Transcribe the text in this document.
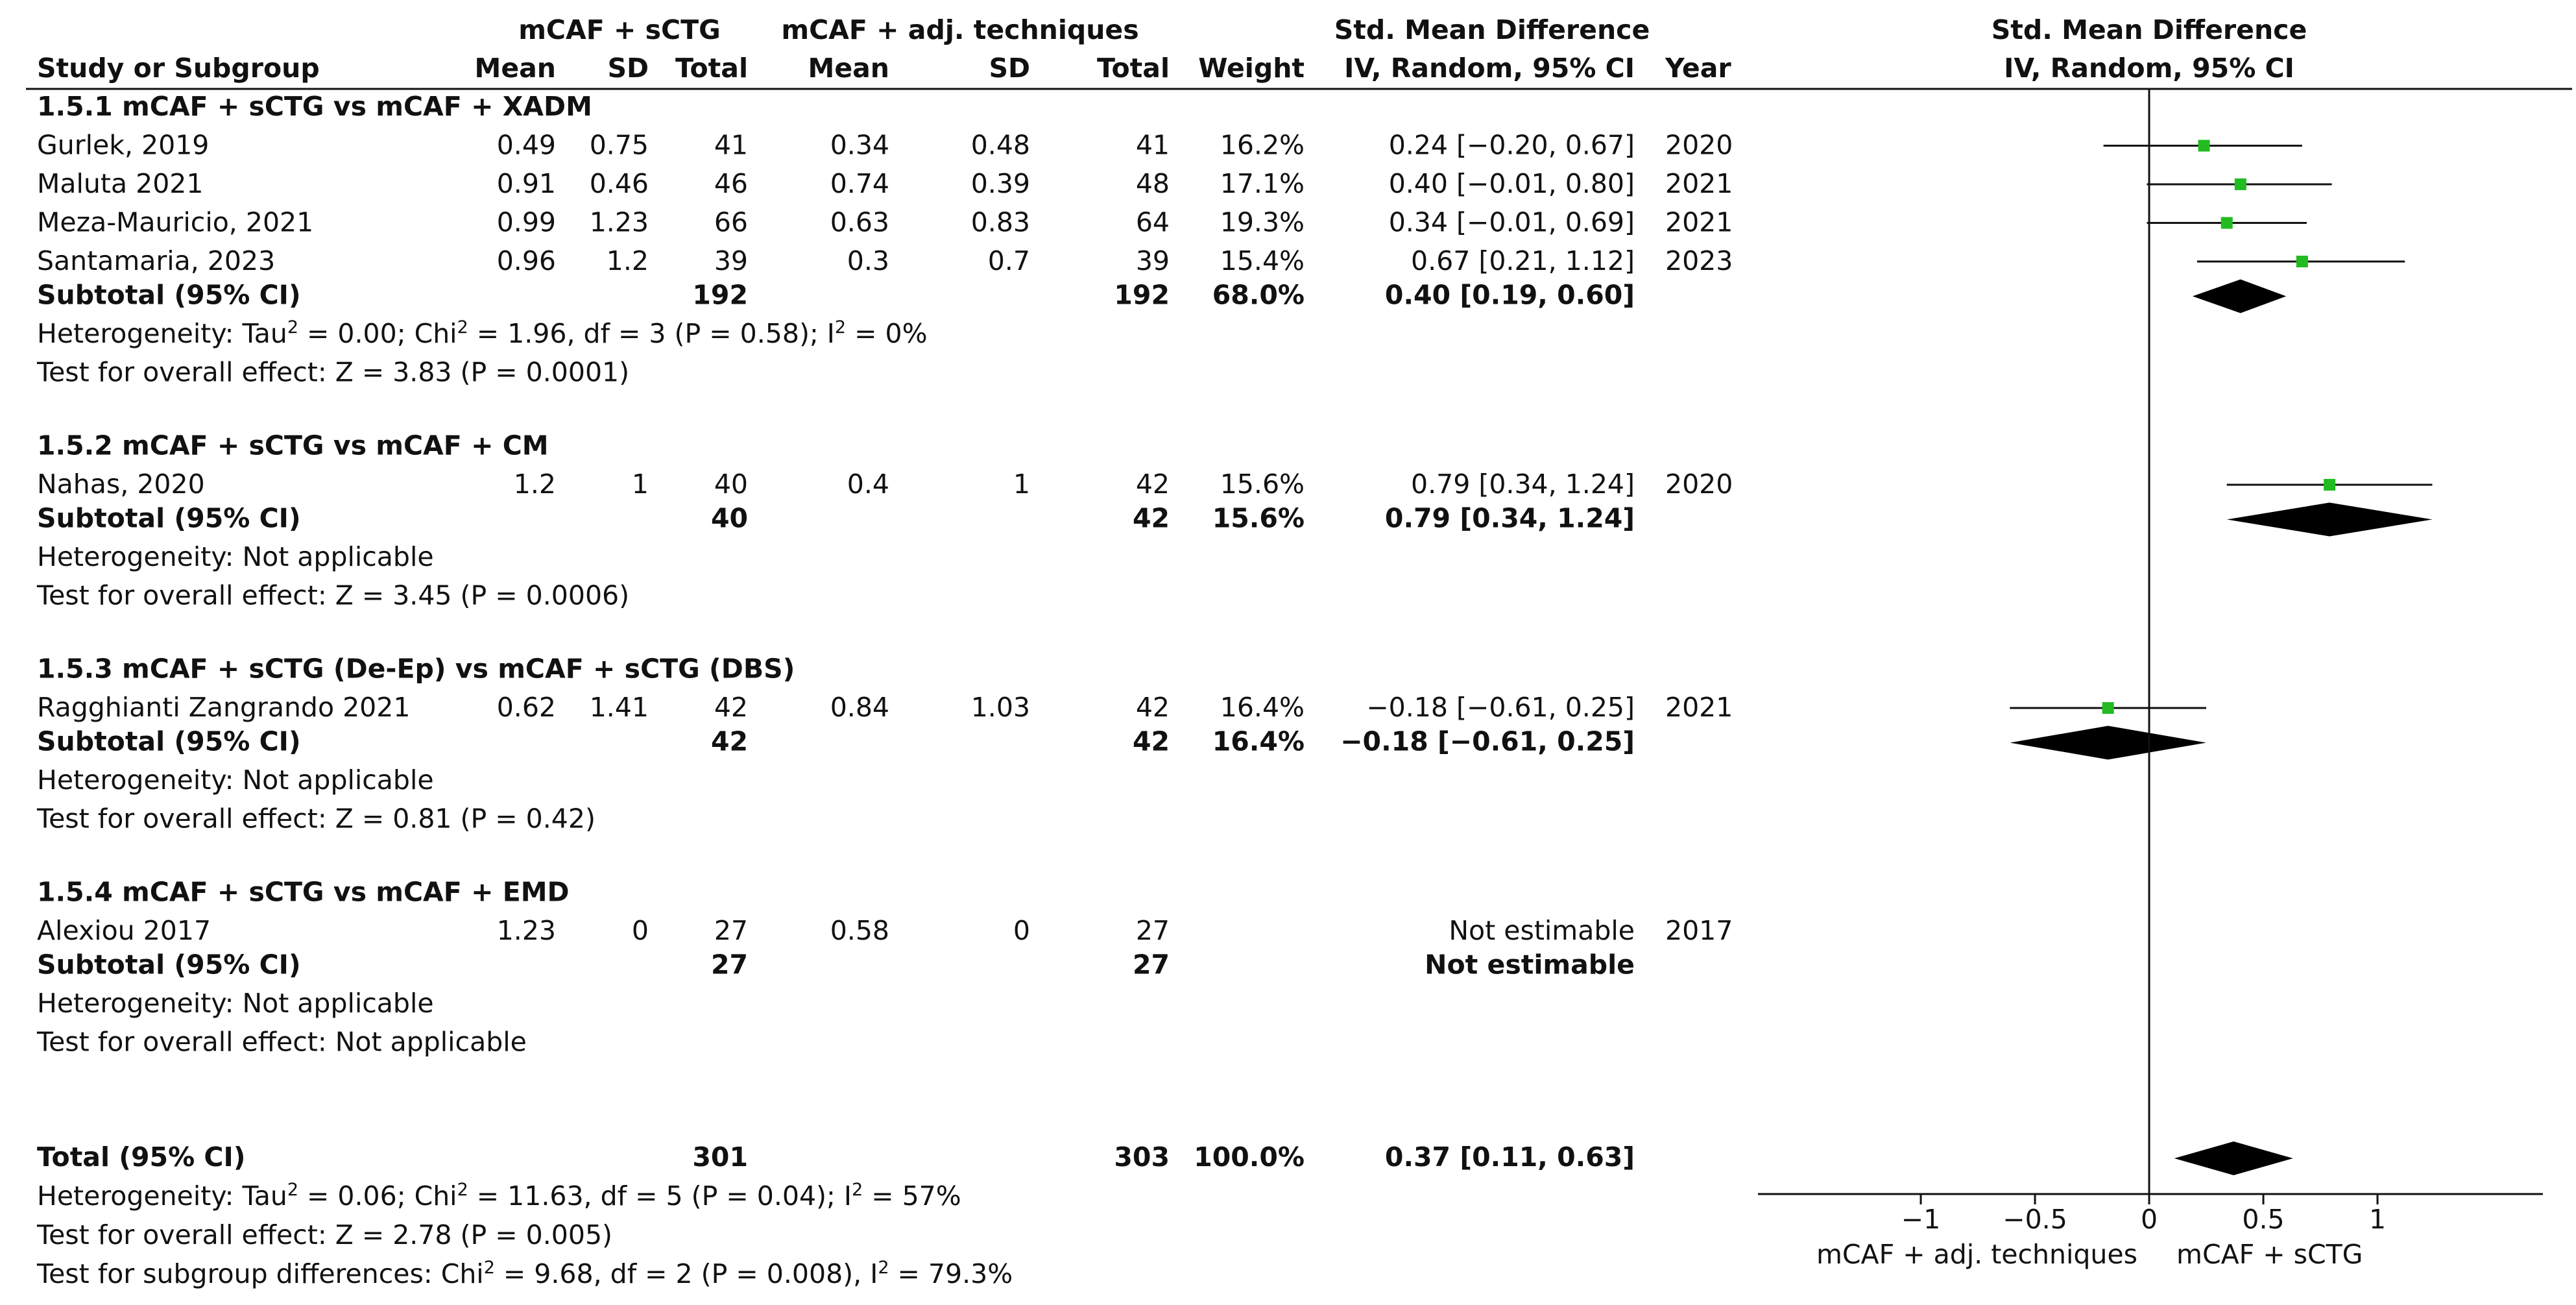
mCAF + sCTG mCAF + adj. techniques	Std. Mean Difference	Std. Mean Difference
Study or Subgroup	Mean SD Total Mean	SD	Total Weight IV, Random, 95% CI Year	IV, Random, 95% CI
1.5.1 mCAF + sCTG vs mCAF + XADM
Gurlek, 2019	0.49 0.75 41	0.34	0.48	41 16.2%	0.24 [−0.20, 0.67] 2020
Maluta 2021	0.91 0.46 46	0.74	0.39	48 17.1%	0.40 [−0.01, 0.80] 2021
Meza-Mauricio, 2021	0.99 1.23 66	0.63	0.83	64 19.3%	0.34 [−0.01, 0.69] 2021
Santamaria, 2023	0.96 1.2 39	0.3	0.7	39 15.4%	0.67 [0.21, 1.12] 2023
Subtotal (95% CI)	192	192 68.0%	0.40 [0.19, 0.60]
Heterogeneity: Tau$^2$ = 0.00; Chi$^2$ = 1.96, df = 3 (P = 0.58); $I^2 = 0\%$
Test for overall effect: Z = 3.83 (P = 0.0001)
1.5.2 mCAF + sCTG vs mCAF + CM
Nahas, 2020	1.2	1 40	0.4	1	42 15.6%	0.79 [0.34, 1.24] 2020
Subtotal (95% CI)	40	42 15.6%	0.79 [0.34, 1.24]
Heterogeneity: Not applicable
Test for overall effect: Z = 3.45 (P = 0.0006)
1.5.3 mCAF + sCTG (De-Ep) vs mCAF + sCTG (DBS)
Ragghianti Zangrando 2021	0.62 1.41 42	0.84	1.03	42 16.4% −0.18 [−0.61, 0.25] 2021
Subtotal (95% CI)	42	42 16.4% −0.18 [−0.61, 0.25]
Heterogeneity: Not applicable
Test for overall effect: Z = 0.81 (P = 0.42)
1.5.4 mCAF + sCTG vs mCAF + EMD
Alexiou 2017	1.23	0 27	0.58	0	27	Not estimable 2017
Subtotal (95% CI)	27	27	Not estimable
Heterogeneity: Not applicable
Test for overall effect: Not applicable
Total (95% CI)	301	303 100.0%	0.37 [0.11, 0.63]
Heterogeneity: Tau$^2$ = 0.06; Chi$^2$ = 11.63, df = 5 (P = 0.04); $I^2 = 57\%$
Test for overall effect: Z = 2.78 (P = 0.005)
Test for subgroup differences: Chi$^2$ = 9.68, df = 2 (P = 0.008), $I^2 = 79.3\%$
−1 −0.5	0	0.5	1
mCAF + adj. techniques mCAF + sCTG
